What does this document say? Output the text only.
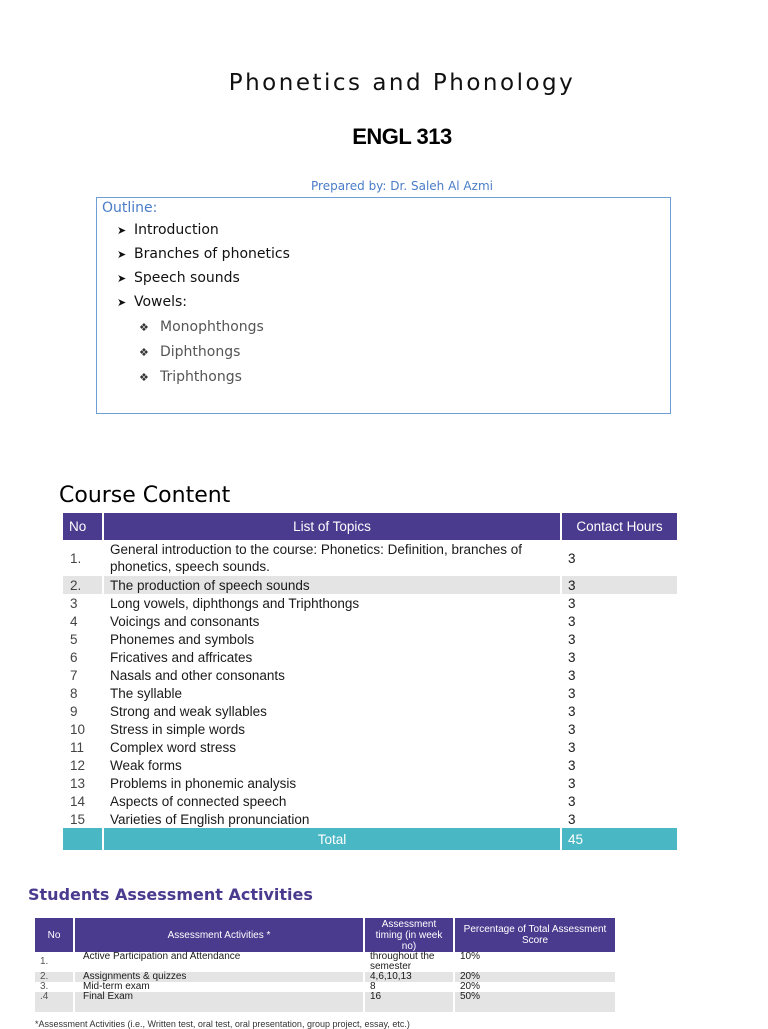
Phonetics and Phonology
ENGL 313
Prepared by: Dr. Saleh Al Azmi
Outline:
➤ Introduction
➤ Branches of phonetics
➤ Speech sounds
➤ Vowels:
❖ Monophthongs
❖ Diphthongs
❖ Triphthongs
Course Content
No	List of Topics	Contact Hours
1.	General introduction to the course: Phonetics: Definition, branches of phonetics, speech sounds.	3
2.	The production of speech sounds	3
3	Long vowels, diphthongs and Triphthongs	3
4	Voicings and consonants	3
5	Phonemes and symbols	3
6	Fricatives and affricates	3
7	Nasals and other consonants	3
8	The syllable	3
9	Strong and weak syllables	3
10	Stress in simple words	3
11	Complex word stress	3
12	Weak forms	3
13	Problems in phonemic analysis	3
14	Aspects of connected speech	3
15	Varieties of English pronunciation	3
	Total	45
Students Assessment Activities
No	Assessment Activities *	Assessment timing (in week no)	Percentage of Total Assessment Score
1.	Active Participation and Attendance	throughout the semester	10%
2.	Assignments & quizzes	4,6,10,13	20%
3.	Mid-term exam	8	20%
.4	Final Exam	16	50%
*Assessment Activities (i.e., Written test, oral test, oral presentation, group project, essay, etc.)
